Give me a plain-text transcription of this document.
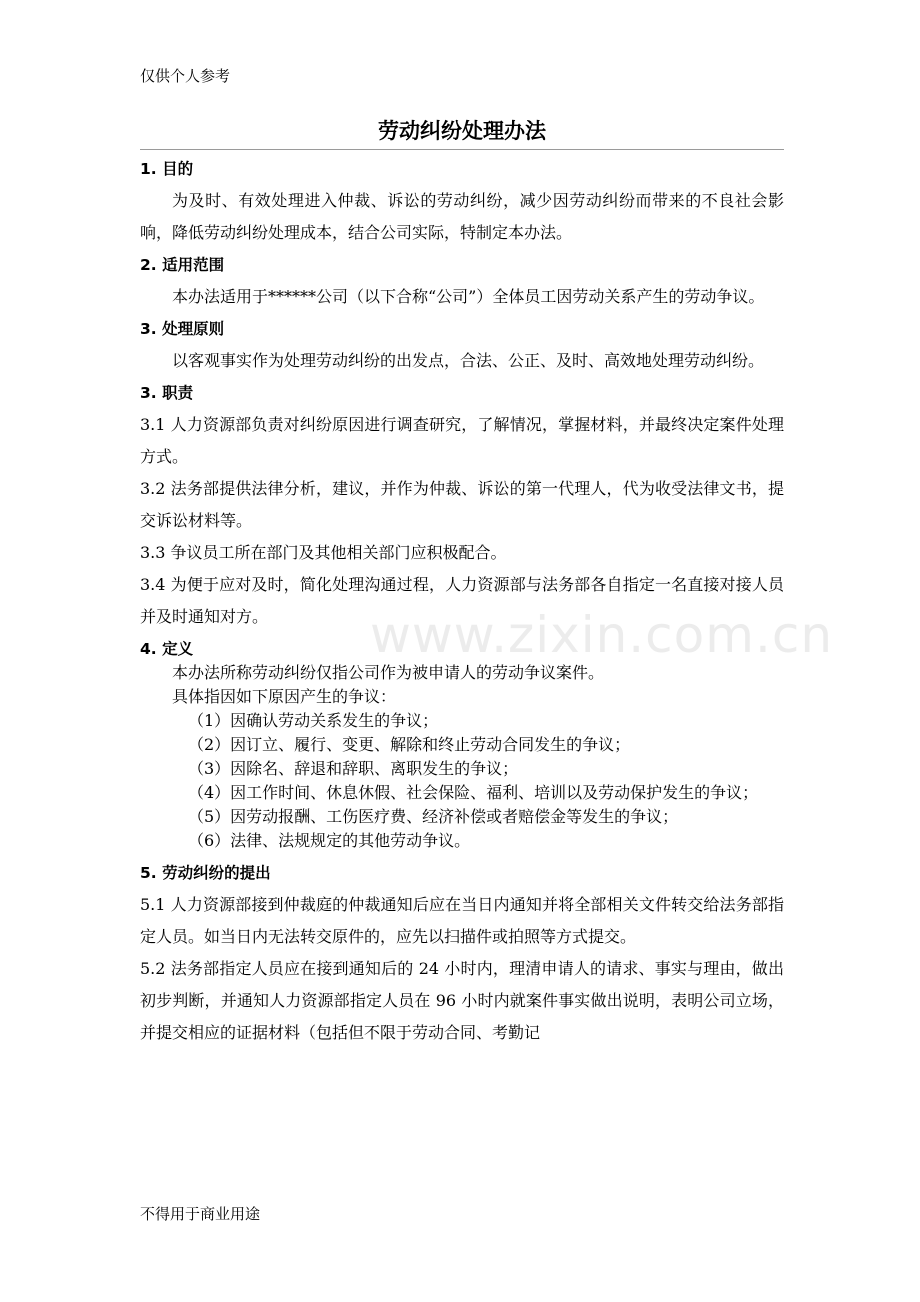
仅供个人参考
劳动纠纷处理办法
www.zixin.com.cn
1. 目的
为及时、有效处理进入仲裁、诉讼的劳动纠纷，减少因劳动纠纷而带来的不良社会影响，降低劳动纠纷处理成本，结合公司实际，特制定本办法。
2. 适用范围
本办法适用于******公司（以下合称“公司”）全体员工因劳动关系产生的劳动争议。
3. 处理原则
以客观事实作为处理劳动纠纷的出发点，合法、公正、及时、高效地处理劳动纠纷。
3. 职责
3.1 人力资源部负责对纠纷原因进行调查研究，了解情况，掌握材料，并最终决定案件处理方式。
3.2 法务部提供法律分析，建议，并作为仲裁、诉讼的第一代理人，代为收受法律文书，提交诉讼材料等。
3.3 争议员工所在部门及其他相关部门应积极配合。
3.4 为便于应对及时，简化处理沟通过程，人力资源部与法务部各自指定一名直接对接人员并及时通知对方。
4. 定义
本办法所称劳动纠纷仅指公司作为被申请人的劳动争议案件。
具体指因如下原因产生的争议：
（1）因确认劳动关系发生的争议；
（2）因订立、履行、变更、解除和终止劳动合同发生的争议；
（3）因除名、辞退和辞职、离职发生的争议；
（4）因工作时间、休息休假、社会保险、福利、培训以及劳动保护发生的争议；
（5）因劳动报酬、工伤医疗费、经济补偿或者赔偿金等发生的争议；
（6）法律、法规规定的其他劳动争议。
5. 劳动纠纷的提出
5.1 人力资源部接到仲裁庭的仲裁通知后应在当日内通知并将全部相关文件转交给法务部指定人员。如当日内无法转交原件的，应先以扫描件或拍照等方式提交。
5.2 法务部指定人员应在接到通知后的 24 小时内，理清申请人的请求、事实与理由，做出初步判断，并通知人力资源部指定人员在 96 小时内就案件事实做出说明，表明公司立场，并提交相应的证据材料（包括但不限于劳动合同、考勤记
不得用于商业用途
